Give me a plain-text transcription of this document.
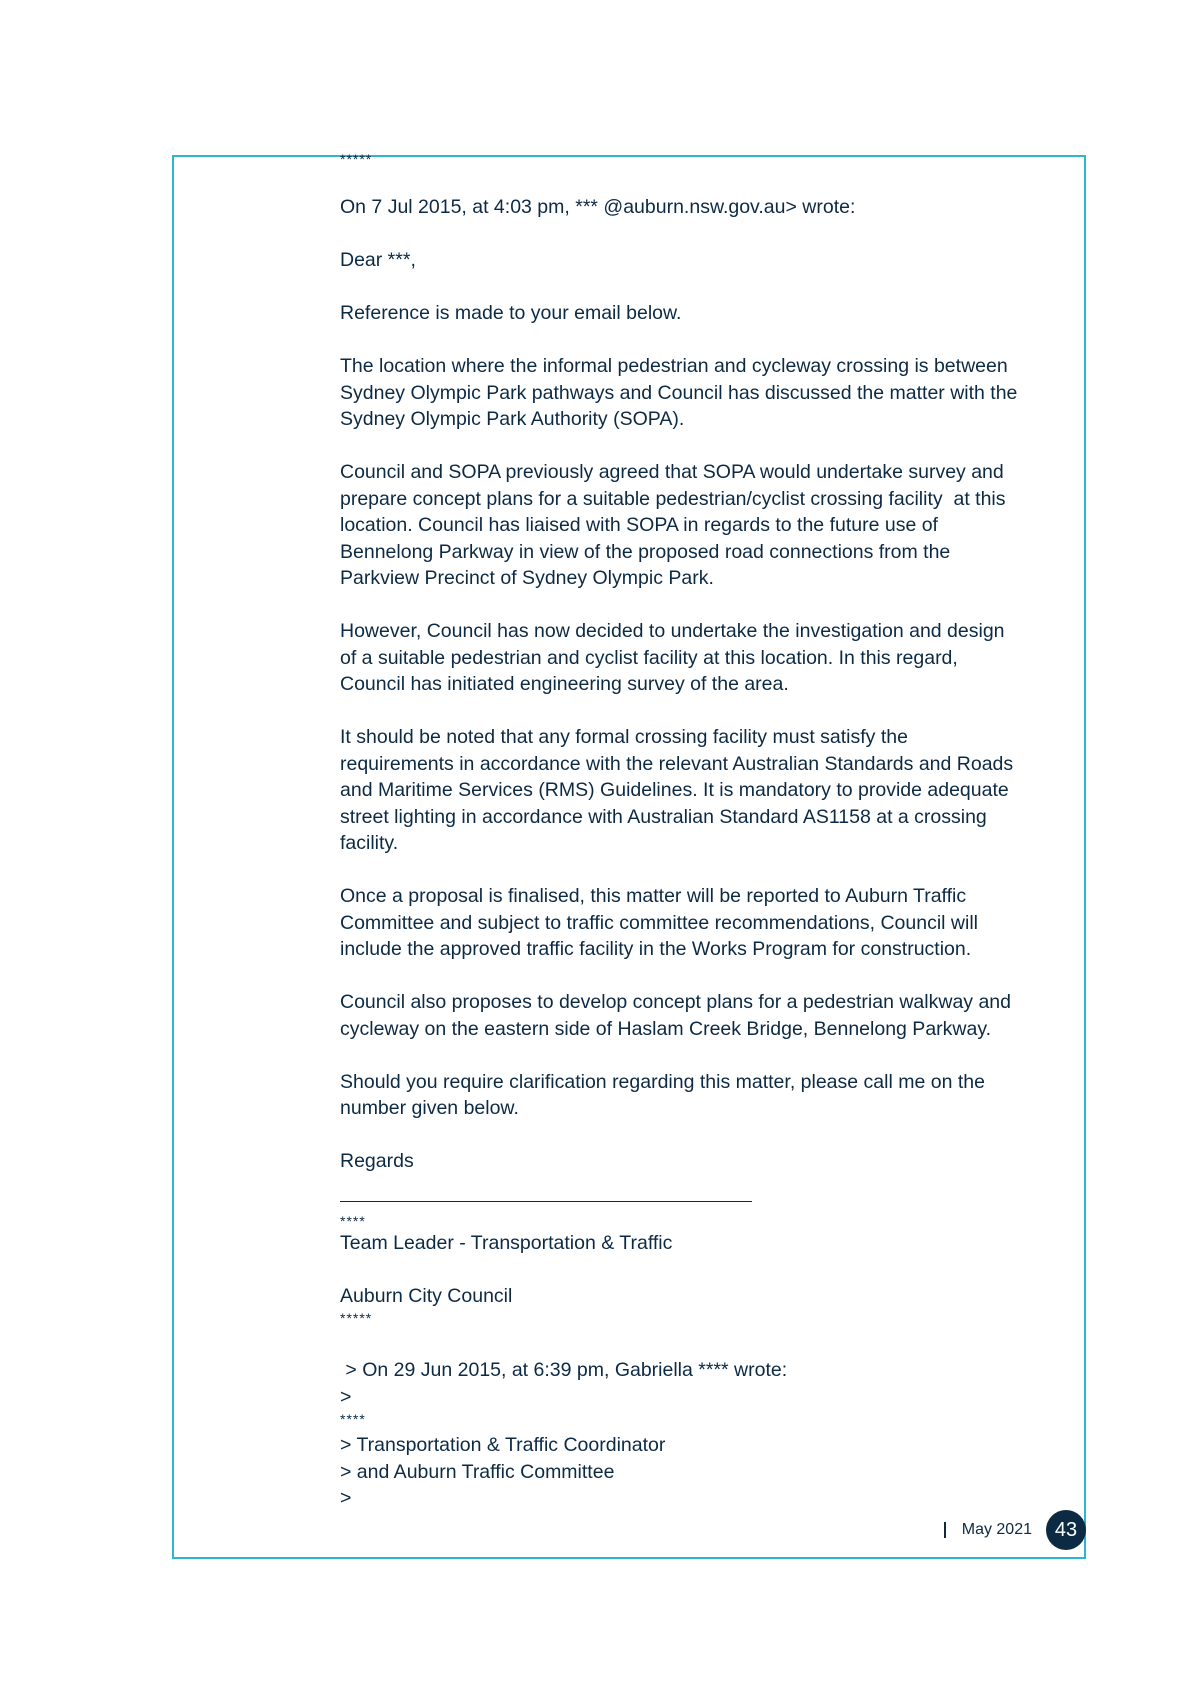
*****

On 7 Jul 2015, at 4:03 pm, *** @auburn.nsw.gov.au> wrote:

Dear ***,

Reference is made to your email below.

The location where the informal pedestrian and cycleway crossing is between
Sydney Olympic Park pathways and Council has discussed the matter with the
Sydney Olympic Park Authority (SOPA).

Council and SOPA previously agreed that SOPA would undertake survey and
prepare concept plans for a suitable pedestrian/cyclist crossing facility  at this
location. Council has liaised with SOPA in regards to the future use of
Bennelong Parkway in view of the proposed road connections from the
Parkview Precinct of Sydney Olympic Park.

However, Council has now decided to undertake the investigation and design
of a suitable pedestrian and cyclist facility at this location. In this regard,
Council has initiated engineering survey of the area.

It should be noted that any formal crossing facility must satisfy the
requirements in accordance with the relevant Australian Standards and Roads
and Maritime Services (RMS) Guidelines. It is mandatory to provide adequate
street lighting in accordance with Australian Standard AS1158 at a crossing
facility.

Once a proposal is finalised, this matter will be reported to Auburn Traffic
Committee and subject to traffic committee recommendations, Council will
include the approved traffic facility in the Works Program for construction.

Council also proposes to develop concept plans for a pedestrian walkway and
cycleway on the eastern side of Haslam Creek Bridge, Bennelong Parkway.

Should you require clarification regarding this matter, please call me on the
number given below.

Regards

****

Team Leader - Transportation & Traffic

Auburn City Council

*****

> On 29 Jun 2015, at 6:39 pm, Gabriella **** wrote:

>

****

> Transportation & Traffic Coordinator

> and Auburn Traffic Committee

>

May 2021	43
